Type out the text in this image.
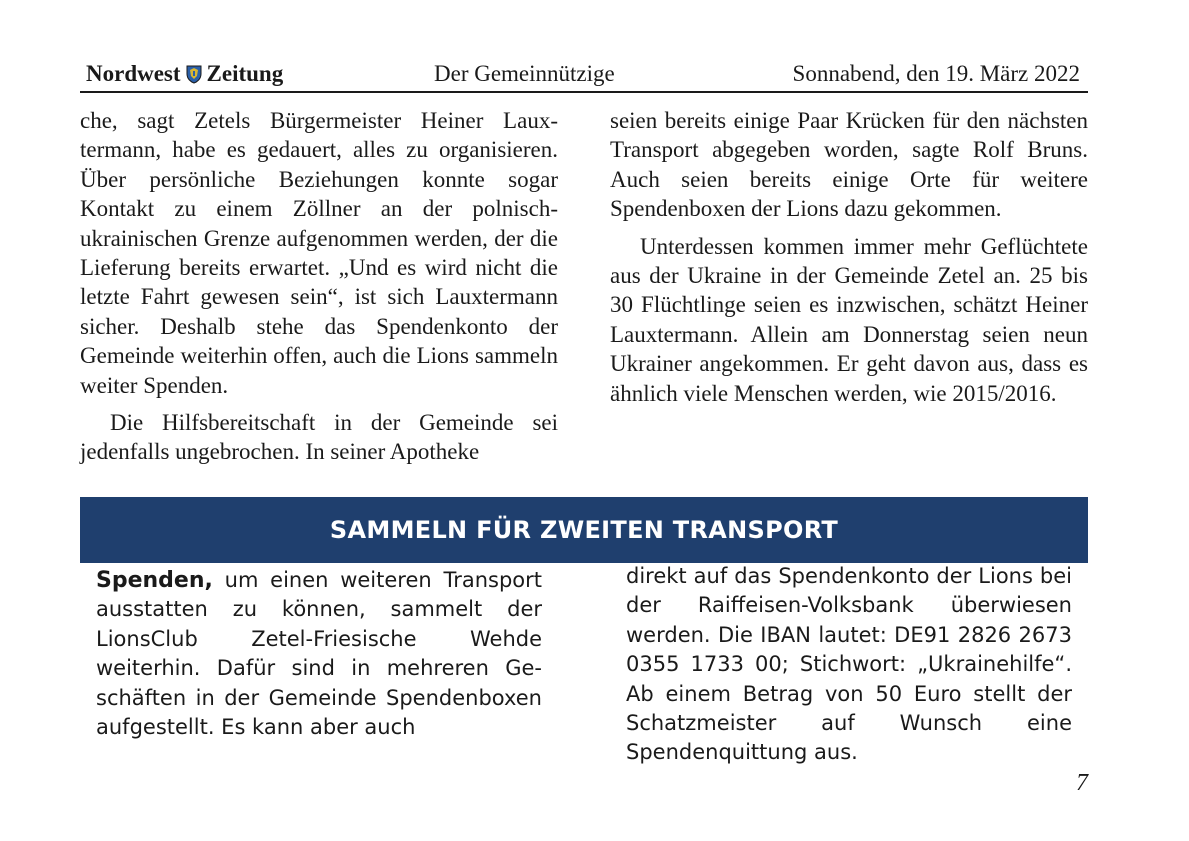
Nordwest Zeitung	Der Gemeinnützige	Sonnabend, den 19. März 2022

che, sagt Zetels Bürgermeister Heiner Lauxtermann, habe es gedauert, alles zu organisieren. Über persönliche Beziehungen konnte sogar Kontakt zu einem Zöllner an der polnisch-ukrainischen Grenze aufgenommen werden, der die Lieferung bereits erwartet. „Und es wird nicht die letzte Fahrt gewesen sein“, ist sich Lauxtermann sicher. Deshalb stehe das Spendenkonto der Gemeinde weiterhin offen, auch die Lions sammeln weiter Spenden.

Die Hilfsbereitschaft in der Gemeinde sei jedenfalls ungebrochen. In seiner Apotheke

seien bereits einige Paar Krücken für den nächsten Transport abgegeben worden, sagte Rolf Bruns. Auch seien bereits einige Orte für weitere Spendenboxen der Lions dazu gekommen.

Unterdessen kommen immer mehr Geflüchtete aus der Ukraine in der Gemeinde Zetel an. 25 bis 30 Flüchtlinge seien es inzwischen, schätzt Heiner Lauxtermann. Allein am Donnerstag seien neun Ukrainer angekommen. Er geht davon aus, dass es ähnlich viele Menschen werden, wie 2015/2016.

SAMMELN FÜR ZWEITEN TRANSPORT

Spenden, um einen weiteren Transport ausstatten zu können, sammelt der LionsClub Zetel-Friesische Wehde weiterhin. Dafür sind in mehreren Geschäften in der Gemeinde Spendenboxen aufgestellt. Es kann aber auch

direkt auf das Spendenkonto der Lions bei der Raiffeisen-Volksbank überwiesen werden. Die IBAN lautet: DE91 2826 2673 0355 1733 00; Stichwort: „Ukrainehilfe“. Ab einem Betrag von 50 Euro stellt der Schatzmeister auf Wunsch eine Spendenquittung aus.

7
